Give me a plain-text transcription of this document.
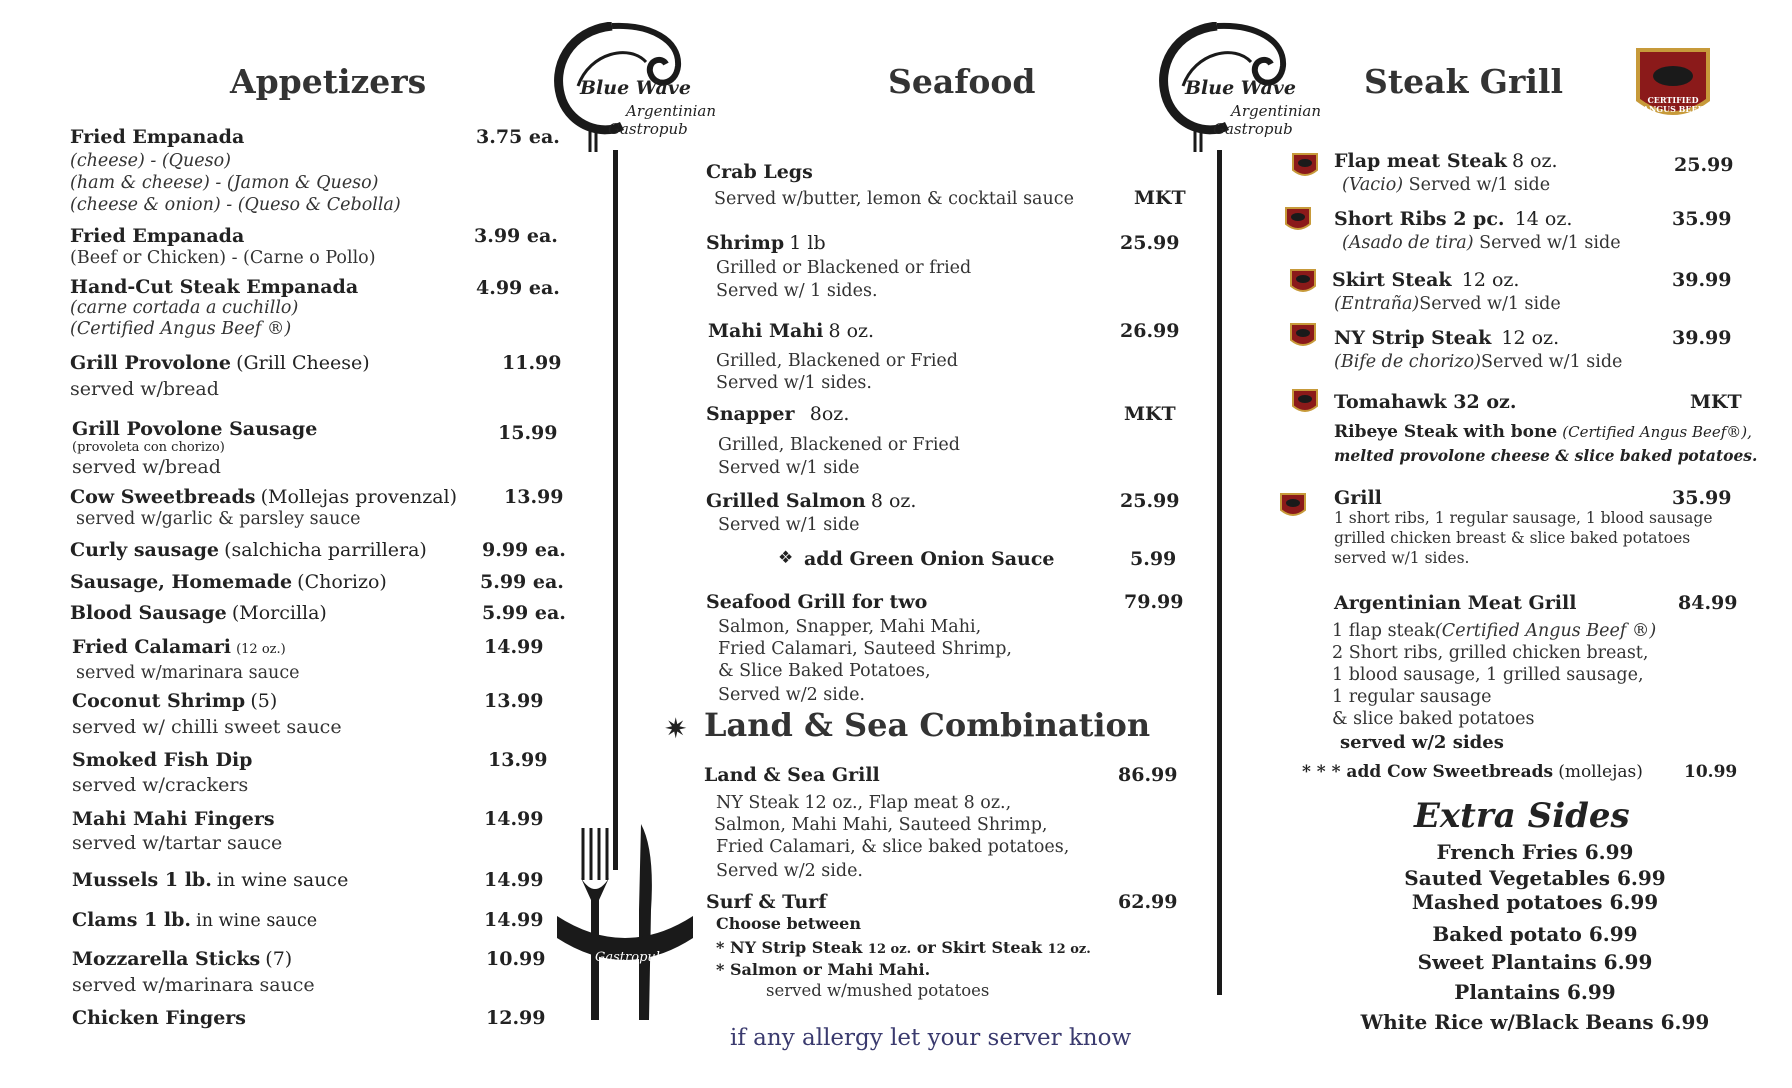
Appetizers
Fried Empanada	3.75 ea.
(cheese) - (Queso)
(ham & cheese) - (Jamon & Queso)
(cheese & onion) - (Queso & Cebolla)
Fried Empanada	3.99 ea.
(Beef or Chicken) - (Carne o Pollo)
Hand-Cut Steak Empanada	4.99 ea.
(carne cortada a cuchillo)
(Certified Angus Beef ®)
Grill Provolone (Grill Cheese)	11.99
served w/bread
Grill Povolone Sausage	15.99
(provoleta con chorizo)
served w/bread
Cow Sweetbreads (Mollejas provenzal) 13.99
served w/garlic & parsley sauce
Curly sausage (salchicha parrillera)	9.99 ea.
Sausage, Homemade (Chorizo)	5.99 ea.
Blood Sausage (Morcilla)	5.99 ea.
Fried Calamari (12 oz.)	14.99
served w/marinara sauce
Coconut Shrimp (5)	13.99
served w/ chilli sweet sauce
Smoked Fish Dip	13.99
served w/crackers
Mahi Mahi Fingers	14.99
served w/tartar sauce
Mussels 1 lb. in wine sauce	14.99
Clams 1 lb. in wine sauce	14.99
Mozzarella Sticks (7)	10.99
served w/marinara sauce
Chicken Fingers	12.99
Blue Wave
Argentinian
Gastropub
Gastropub
Seafood
Crab Legs
MKT
Served w/butter, lemon & cocktail sauce
Shrimp 1 lb	25.99
Grilled or Blackened or fried
Served w/ 1 sides.
Mahi Mahi 8 oz.	26.99
Grilled, Blackened or Fried
Served w/1 sides.
Snapper 8oz.	MKT
Grilled, Blackened or Fried
Served w/1 side
Grilled Salmon 8 oz.	25.99
Served w/1 side
❖ add Green Onion Sauce	5.99
Seafood Grill for two	79.99
Salmon, Snapper, Mahi Mahi,
Fried Calamari, Sauteed Shrimp,
& Slice Baked Potatoes,
Served w/2 side.
✷ Land & Sea Combination
Land & Sea Grill	86.99
NY Steak 12 oz., Flap meat 8 oz.,
Salmon, Mahi Mahi, Sauteed Shrimp,
Fried Calamari, & slice baked potatoes,
Served w/2 side.
Surf & Turf	62.99
Choose between
* NY Strip Steak 12 oz. or Skirt Steak 12 oz.
* Salmon or Mahi Mahi.
served w/mushed potatoes
if any allergy let your server know
Blue Wave
Argentinian
Gastropub
Steak Grill	CERTIFIED ANGUS BEEF
Flap meat Steak 8 oz.	25.99
(Vacio) Served w/1 side
Short Ribs 2 pc. 14 oz.	35.99
(Asado de tira) Served w/1 side
Skirt Steak 12 oz.	39.99
(Entraña)Served w/1 side
NY Strip Steak 12 oz.	39.99
(Bife de chorizo)Served w/1 side
Tomahawk 32 oz.	MKT
Ribeye Steak with bone (Certified Angus Beef®),
melted provolone cheese & slice baked potatoes.
Grill	35.99
1 short ribs, 1 regular sausage, 1 blood sausage
grilled chicken breast & slice baked potatoes
served w/1 sides.
Argentinian Meat Grill	84.99
1 flap steak(Certified Angus Beef ®)
2 Short ribs, grilled chicken breast,
1 blood sausage, 1 grilled sausage,
1 regular sausage
& slice baked potatoes
served w/2 sides
* * * add Cow Sweetbreads (mollejas) 10.99
Extra Sides
French Fries 6.99
Sauted Vegetables 6.99
Mashed potatoes 6.99
Baked potato 6.99
Sweet Plantains 6.99
Plantains 6.99
White Rice w/Black Beans 6.99
